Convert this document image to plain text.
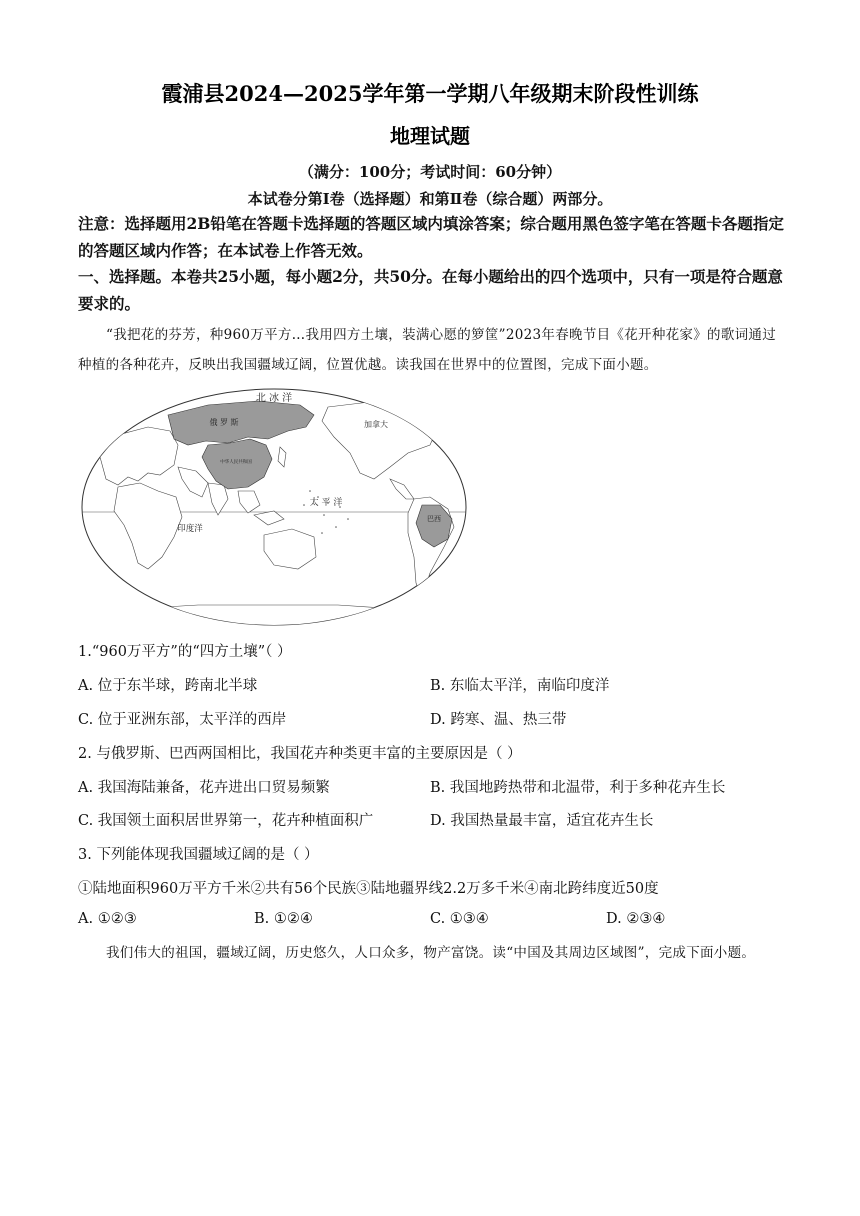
霞浦县2024—2025学年第一学期八年级期末阶段性训练
地理试题
（满分：100分；考试时间：60分钟）
本试卷分第Ⅰ卷（选择题）和第Ⅱ卷（综合题）两部分。
注意：选择题用2B铅笔在答题卡选择题的答题区域内填涂答案；综合题用黑色签字笔在答题卡各题指定的答题区域内作答；在本试卷上作答无效。
一、选择题。本卷共25小题，每小题2分，共50分。在每小题给出的四个选项中，只有一项是符合题意要求的。
“我把花的芬芳，种960万平方…我用四方土壤，装满心愿的箩筐”2023年春晚节目《花开种花家》的歌词通过种植的各种花卉，反映出我国疆域辽阔，位置优越。读我国在世界中的位置图，完成下面小题。
北 冰 洋
俄 罗 斯	加拿大
中华人民共和国
太 平 洋
印度洋
巴西
1.“960万平方”的“四方土壤”（ ）
A. 位于东半球，跨南北半球	B. 东临太平洋，南临印度洋
C. 位于亚洲东部，太平洋的西岸	D. 跨寒、温、热三带
2. 与俄罗斯、巴西两国相比，我国花卉种类更丰富的主要原因是（ ）
A. 我国海陆兼备，花卉进出口贸易频繁	B. 我国地跨热带和北温带，利于多种花卉生长
C. 我国领土面积居世界第一，花卉种植面积广	D. 我国热量最丰富，适宜花卉生长
3. 下列能体现我国疆域辽阔的是（ ）
①陆地面积960万平方千米②共有56个民族③陆地疆界线2.2万多千米④南北跨纬度近50度
A. ①②③	B. ①②④	C. ①③④	D. ②③④
我们伟大的祖国，疆域辽阔，历史悠久，人口众多，物产富饶。读“中国及其周边区域图”，完成下面小题。
